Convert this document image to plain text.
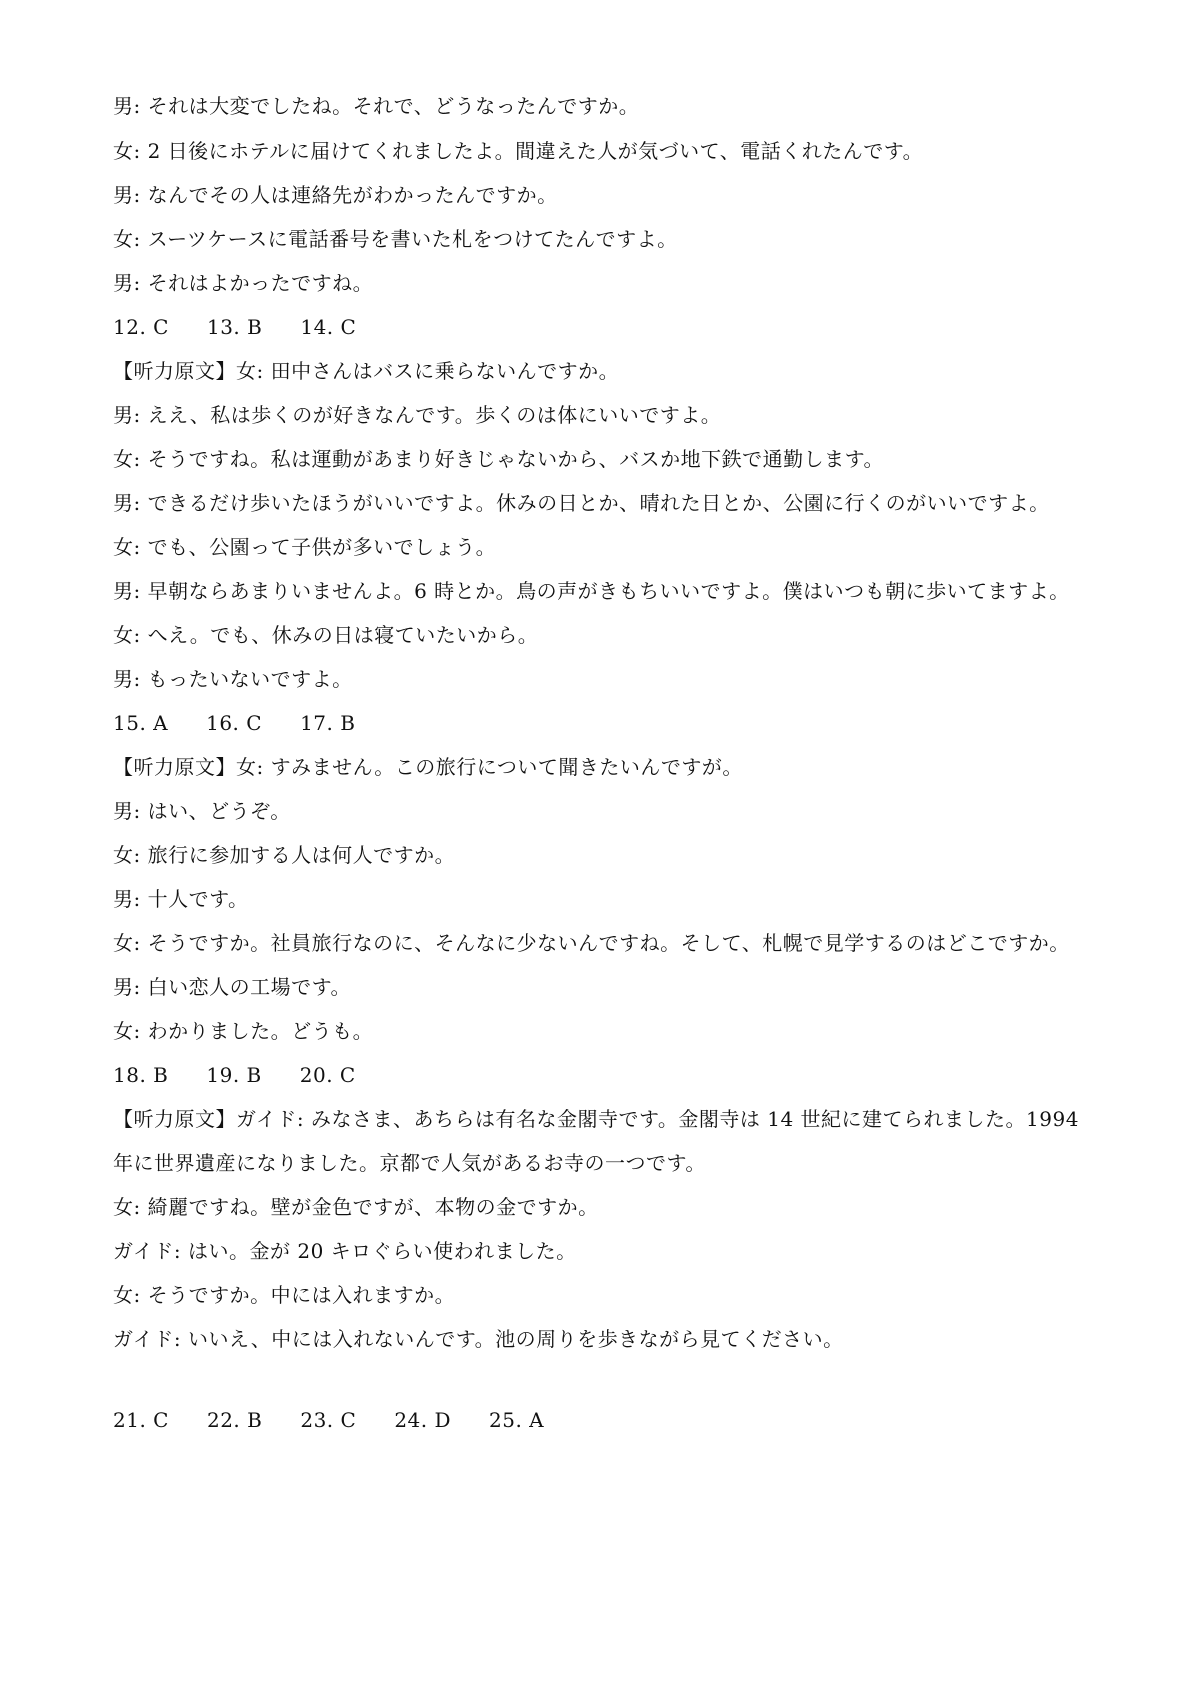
男: それは大変でしたね。それで、どうなったんですか。
女: 2 日後にホテルに届けてくれましたよ。間違えた人が気づいて、電話くれたんです。
男: なんでその人は連絡先がわかったんですか。
女: スーツケースに電話番号を書いた札をつけてたんですよ。
男: それはよかったですね。
12. C 13. B 14. C
【听力原文】女: 田中さんはバスに乗らないんですか。
男: ええ、私は歩くのが好きなんです。歩くのは体にいいですよ。
女: そうですね。私は運動があまり好きじゃないから、バスか地下鉄で通勤します。
男: できるだけ歩いたほうがいいですよ。休みの日とか、晴れた日とか、公園に行くのがいいですよ。
女: でも、公園って子供が多いでしょう。
男: 早朝ならあまりいませんよ。6 時とか。鳥の声がきもちいいですよ。僕はいつも朝に歩いてますよ。
女: へえ。でも、休みの日は寝ていたいから。
男: もったいないですよ。
15. A 16. C 17. B
【听力原文】女: すみません。この旅行について聞きたいんですが。
男: はい、どうぞ。
女: 旅行に参加する人は何人ですか。
男: 十人です。
女: そうですか。社員旅行なのに、そんなに少ないんですね。そして、札幌で見学するのはどこですか。
男: 白い恋人の工場です。
女: わかりました。どうも。
18. B 19. B 20. C
【听力原文】ガイド: みなさま、あちらは有名な金閣寺です。金閣寺は 14 世紀に建てられました。1994
年に世界遺産になりました。京都で人気があるお寺の一つです。
女: 綺麗ですね。壁が金色ですが、本物の金ですか。
ガイド: はい。金が 20 キロぐらい使われました。
女: そうですか。中には入れますか。
ガイド: いいえ、中には入れないんです。池の周りを歩きながら見てください。
21. C 22. B 23. C 24. D 25. A
